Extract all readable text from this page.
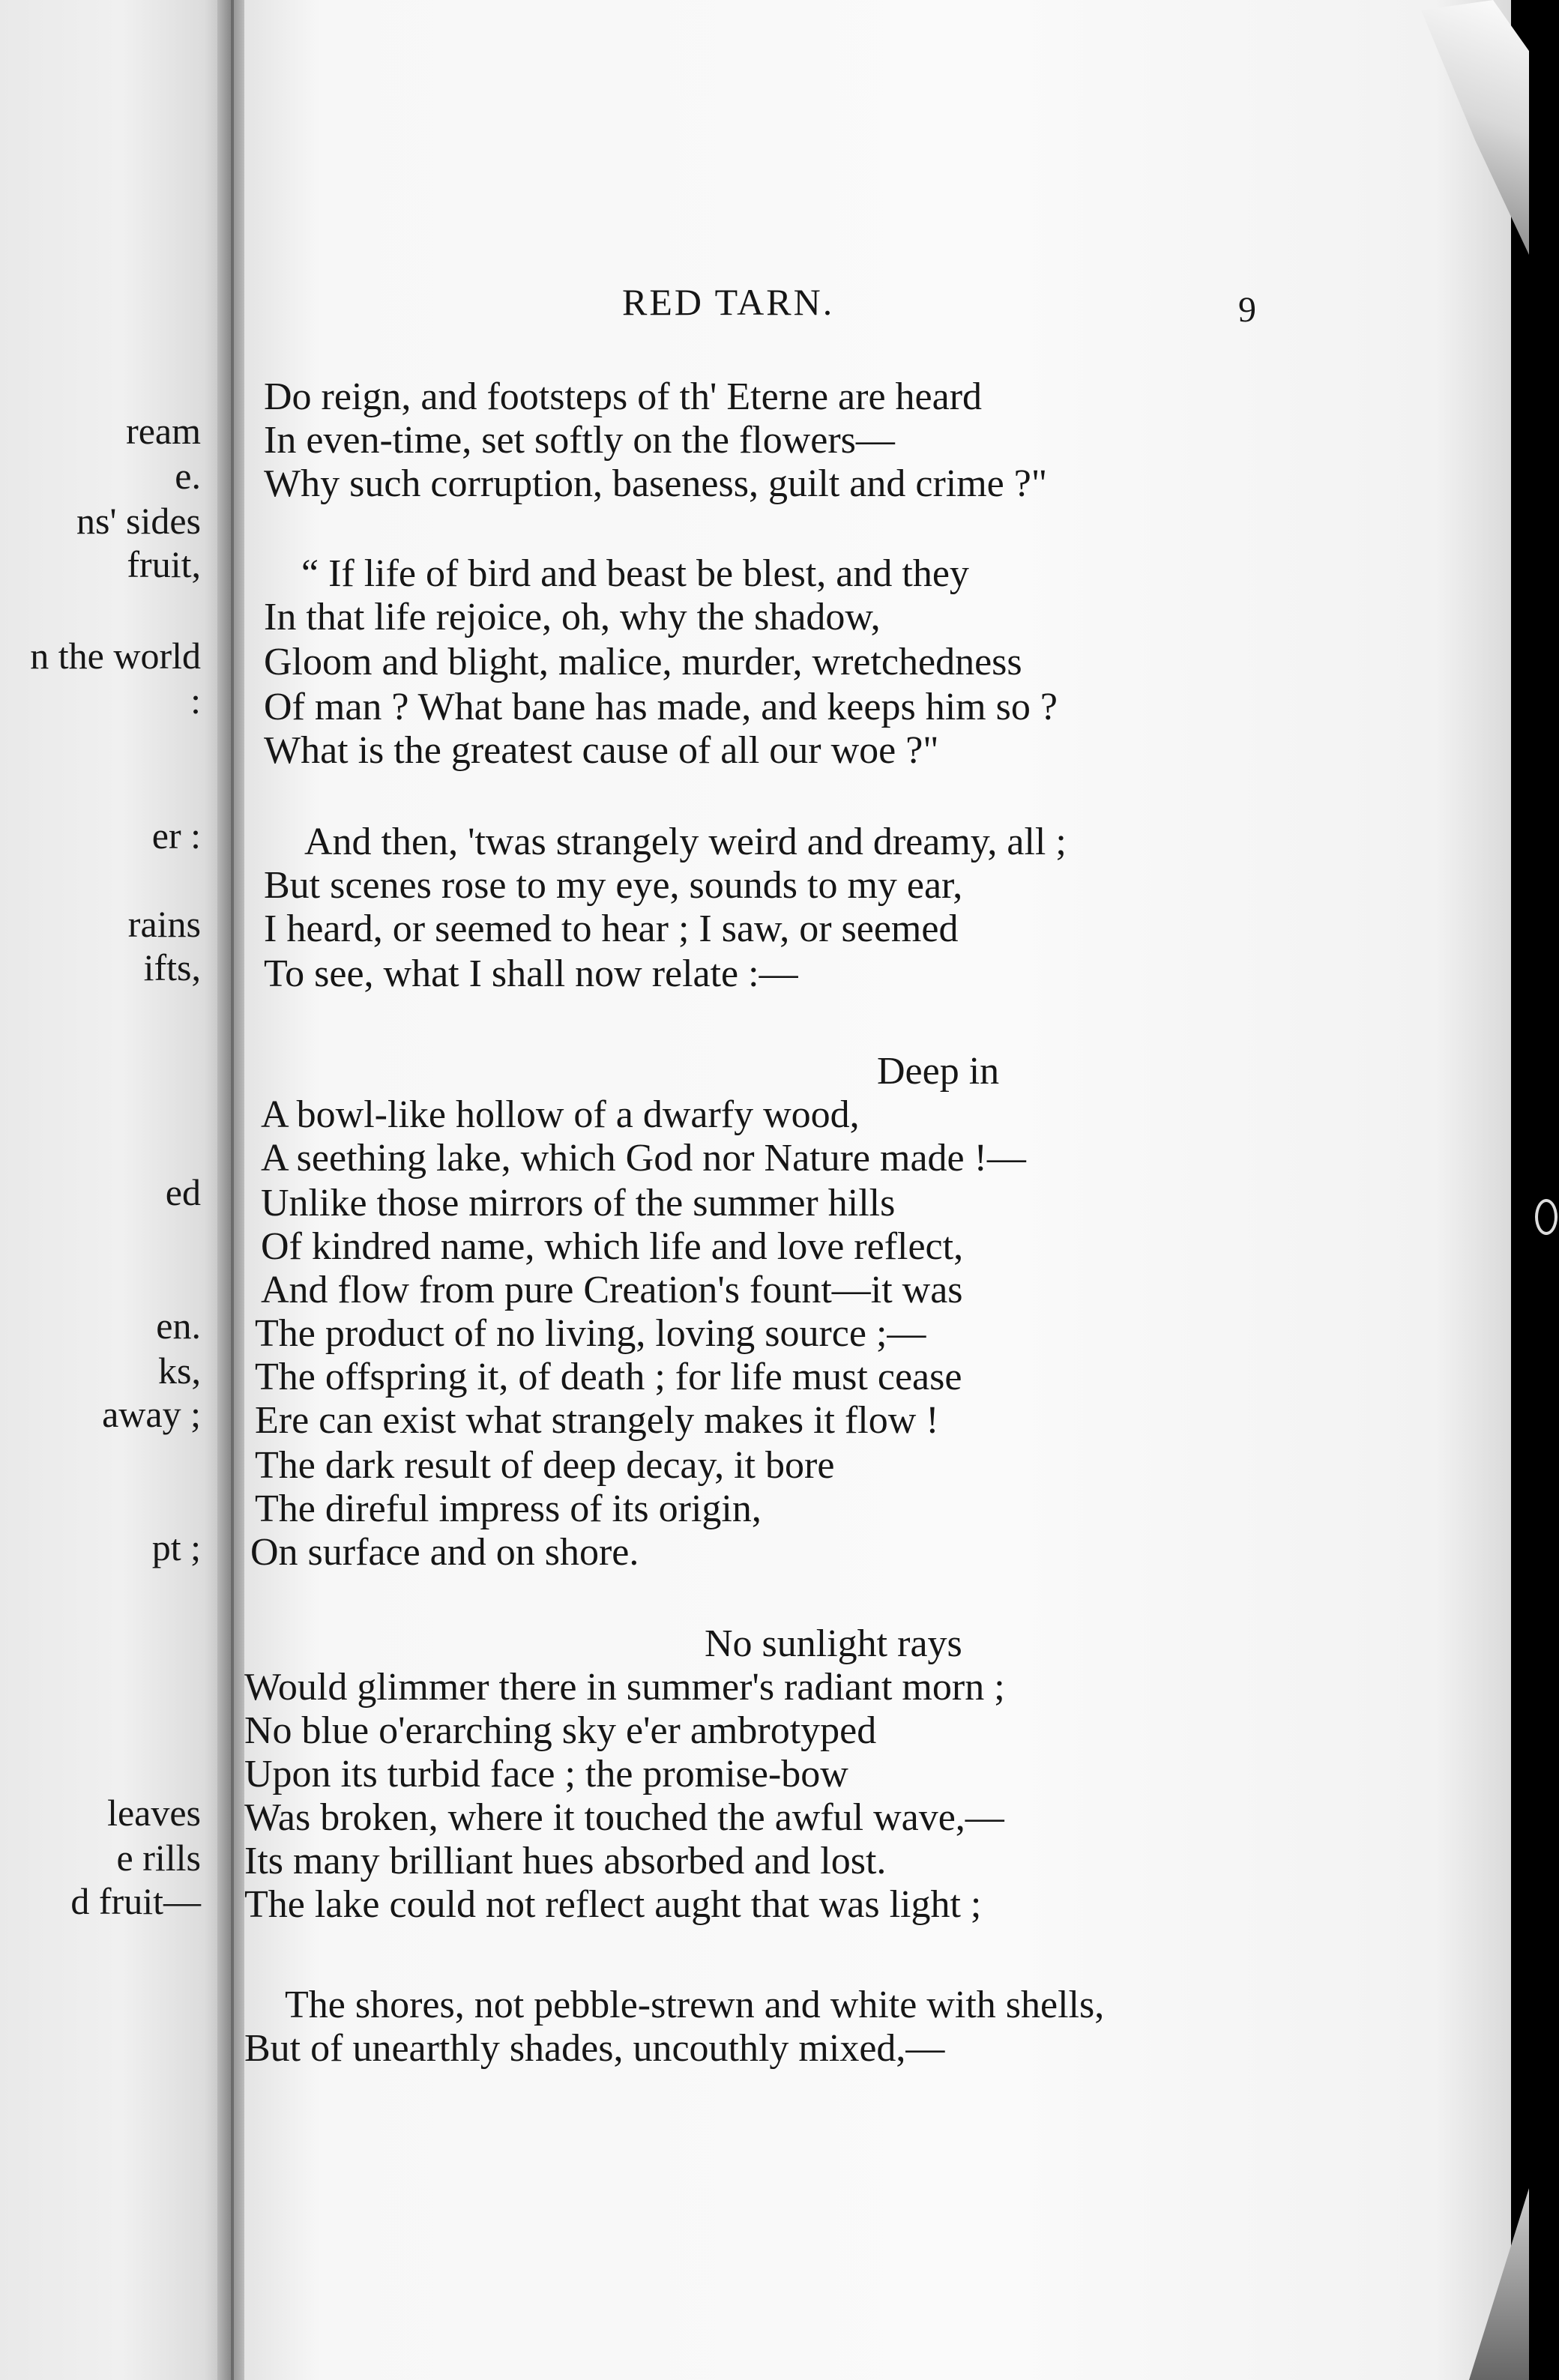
ream
e.
ns' sides
fruit,
n the world
:
er :
rains
ifts,
ed
en.
ks,
away ;
pt ;
leaves
e rills
d fruit—
RED TARN.	9
Do reign, and footsteps of th' Eterne are heard
In even-time, set softly on the flowers—
Why such corruption, baseness, guilt and crime ?"
“ If life of bird and beast be blest, and they
In that life rejoice, oh, why the shadow,
Gloom and blight, malice, murder, wretchedness
Of man ? What bane has made, and keeps him so ?
What is the greatest cause of all our woe ?"
And then, 'twas strangely weird and dreamy, all ;
But scenes rose to my eye, sounds to my ear,
I heard, or seemed to hear ; I saw, or seemed
To see, what I shall now relate :—
Deep in
A bowl-like hollow of a dwarfy wood,
A seething lake, which God nor Nature made !—
Unlike those mirrors of the summer hills
Of kindred name, which life and love reflect,
And flow from pure Creation's fount—it was
The product of no living, loving source ;—
The offspring it, of death ; for life must cease
Ere can exist what strangely makes it flow !
The dark result of deep decay, it bore
The direful impress of its origin,
On surface and on shore.
No sunlight rays
Would glimmer there in summer's radiant morn ;
No blue o'erarching sky e'er ambrotyped
Upon its turbid face ; the promise-bow
Was broken, where it touched the awful wave,—
Its many brilliant hues absorbed and lost.
The lake could not reflect aught that was light ;
The shores, not pebble-strewn and white with shells,
But of unearthly shades, uncouthly mixed,—
